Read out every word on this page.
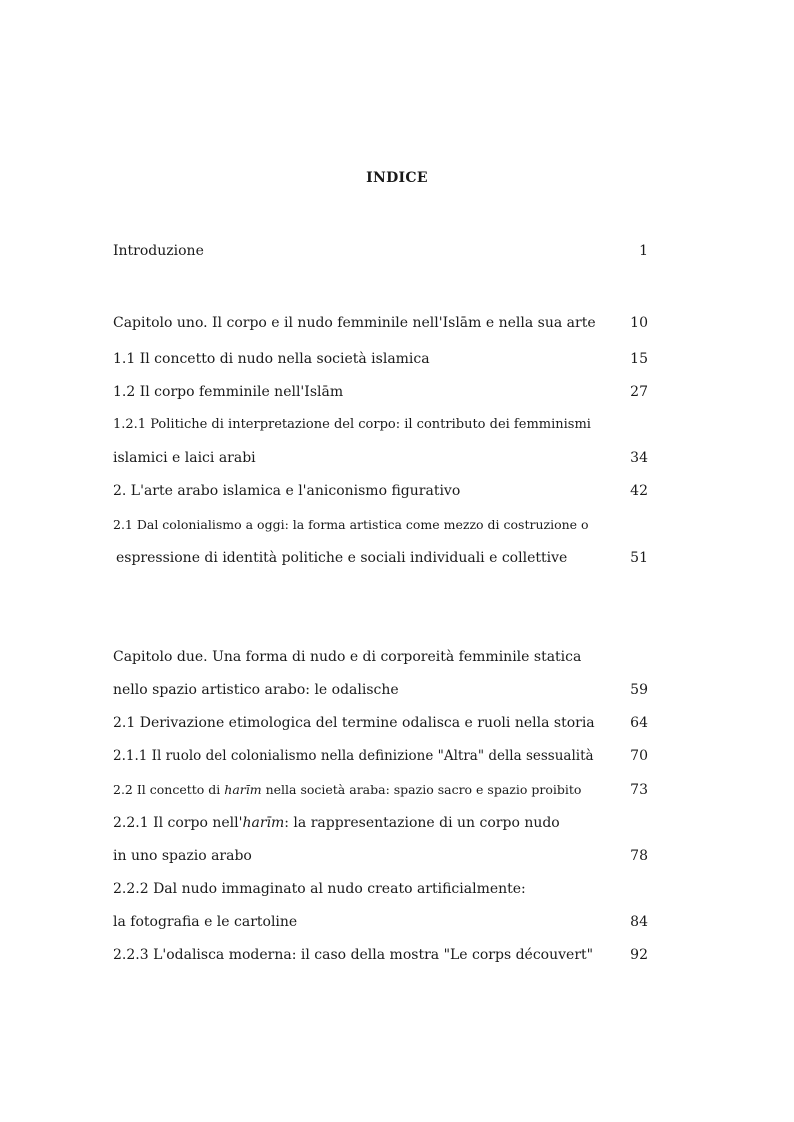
INDICE
Introduzione	1
Capitolo uno. Il corpo e il nudo femminile nell'Islām e nella sua arte 10
1.1 Il concetto di nudo nella società islamica	15
1.2 Il corpo femminile nell'Islām	27
1.2.1 Politiche di interpretazione del corpo: il contributo dei femminismi
islamici e laici arabi	34
2. L'arte arabo islamica e l'aniconismo figurativo	42
2.1 Dal colonialismo a oggi: la forma artistica come mezzo di costruzione o
espressione di identità politiche e sociali individuali e collettive	51
Capitolo due. Una forma di nudo e di corporeità femminile statica
nello spazio artistico arabo: le odalische	59
2.1 Derivazione etimologica del termine odalisca e ruoli nella storia	64
2.1.1 Il ruolo del colonialismo nella definizione "Altra" della sessualità	70
2.2 Il concetto di harīm nella società araba: spazio sacro e spazio proibito	73
2.2.1 Il corpo nell'harīm: la rappresentazione di un corpo nudo
in uno spazio arabo	78
2.2.2 Dal nudo immaginato al nudo creato artificialmente:
la fotografia e le cartoline	84
2.2.3 L'odalisca moderna: il caso della mostra "Le corps découvert"	92
